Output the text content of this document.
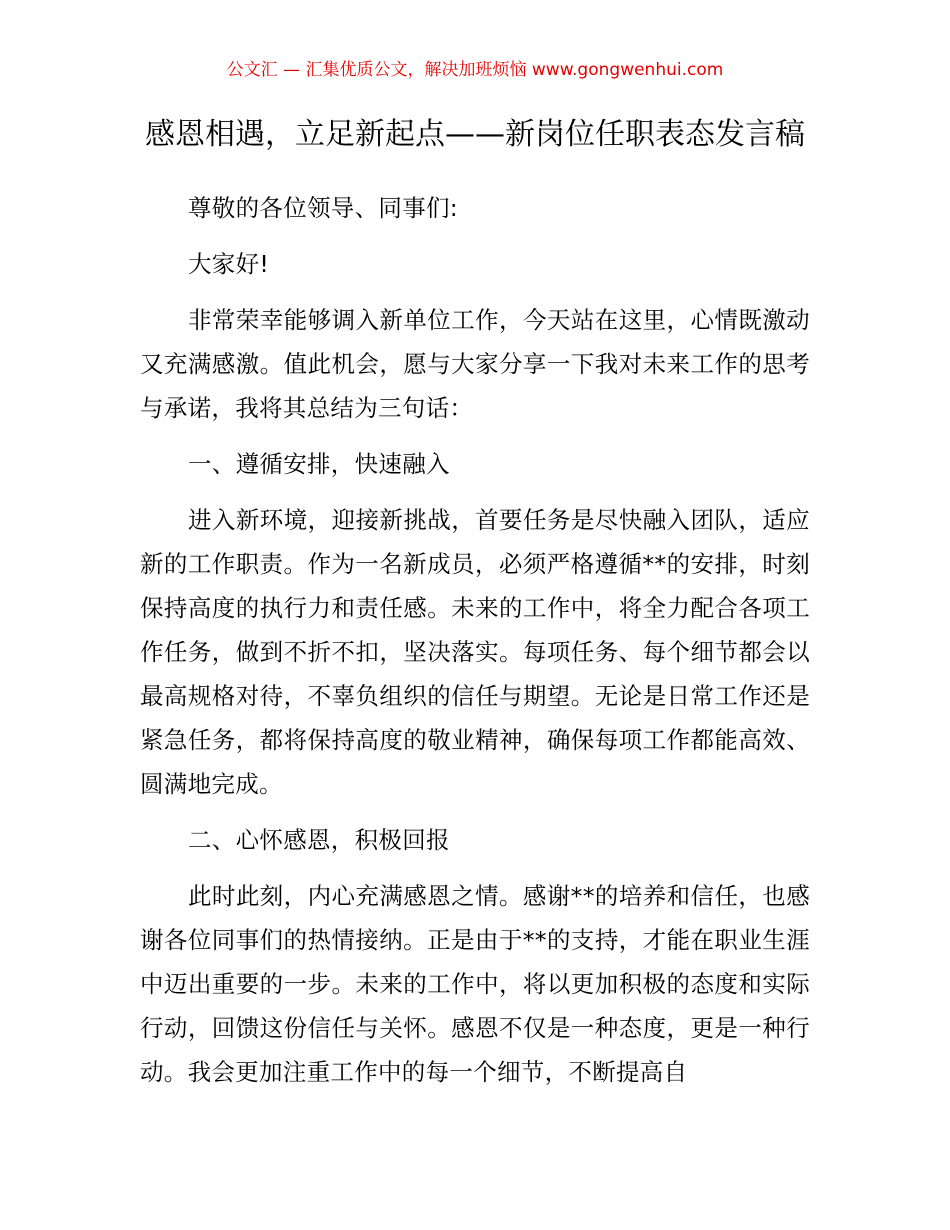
公文汇 — 汇集优质公文，解决加班烦恼 www.gongwenhui.com
感恩相遇，立足新起点——新岗位任职表态发言稿

尊敬的各位领导、同事们:

大家好!

非常荣幸能够调入新单位工作，今天站在这里，心情既激动又充满感激。值此机会，愿与大家分享一下我对未来工作的思考与承诺，我将其总结为三句话：

一、遵循安排，快速融入

进入新环境，迎接新挑战，首要任务是尽快融入团队，适应新的工作职责。作为一名新成员，必须严格遵循**的安排，时刻保持高度的执行力和责任感。未来的工作中，将全力配合各项工作任务，做到不折不扣，坚决落实。每项任务、每个细节都会以最高规格对待，不辜负组织的信任与期望。无论是日常工作还是紧急任务，都将保持高度的敬业精神，确保每项工作都能高效、圆满地完成。

二、心怀感恩，积极回报

此时此刻，内心充满感恩之情。感谢**的培养和信任，也感谢各位同事们的热情接纳。正是由于**的支持，才能在职业生涯中迈出重要的一步。未来的工作中，将以更加积极的态度和实际行动，回馈这份信任与关怀。感恩不仅是一种态度，更是一种行动。我会更加注重工作中的每一个细节，不断提高自
